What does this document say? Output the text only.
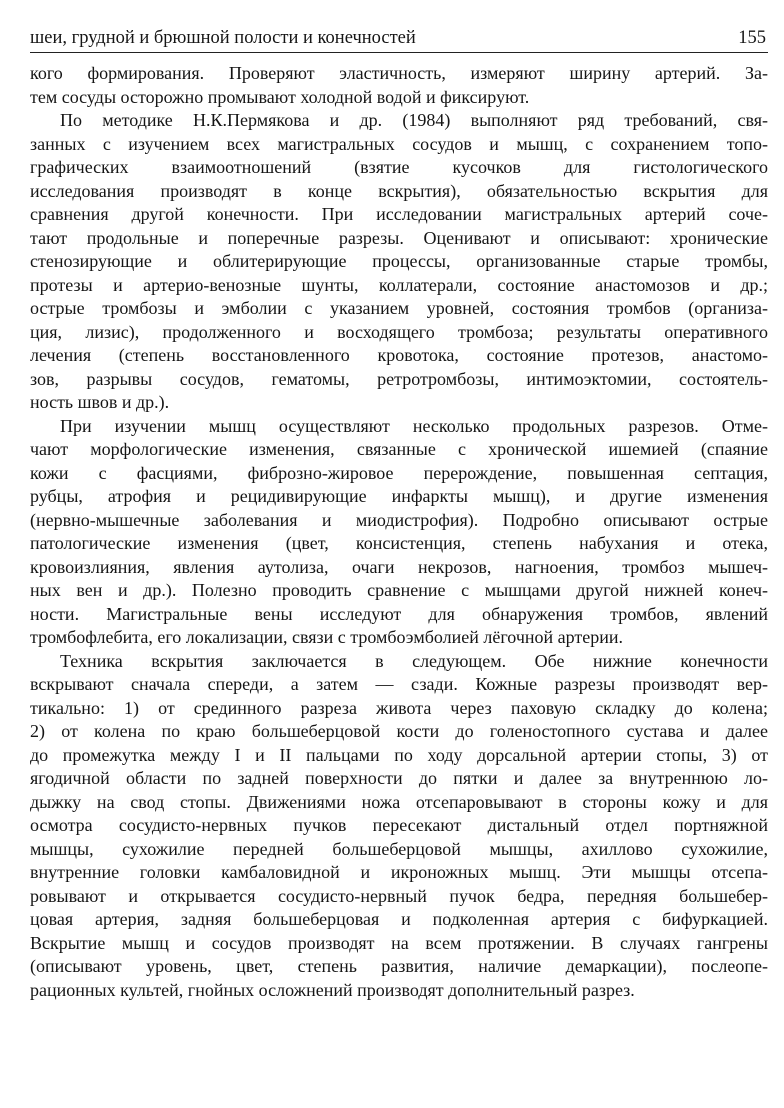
шеи, грудной и брюшной полости и конечностей	155
кого формирования. Проверяют эластичность, измеряют ширину артерий. За-
тем сосуды осторожно промывают холодной водой и фиксируют.
По методике Н.К.Пермякова и др. (1984) выполняют ряд требований, свя-
занных с изучением всех магистральных сосудов и мышц, с сохранением топо-
графических взаимоотношений (взятие кусочков для гистологического
исследования производят в конце вскрытия), обязательностью вскрытия для
сравнения другой конечности. При исследовании магистральных артерий соче-
тают продольные и поперечные разрезы. Оценивают и описывают: хронические
стенозирующие и облитерирующие процессы, организованные старые тромбы,
протезы и артерио-венозные шунты, коллатерали, состояние анастомозов и др.;
острые тромбозы и эмболии с указанием уровней, состояния тромбов (организа-
ция, лизис), продолженного и восходящего тромбоза; результаты оперативного
лечения (степень восстановленного кровотока, состояние протезов, анастомо-
зов, разрывы сосудов, гематомы, ретротромбозы, интимоэктомии, состоятель-
ность швов и др.).
При изучении мышц осуществляют несколько продольных разрезов. Отме-
чают морфологические изменения, связанные с хронической ишемией (спаяние
кожи с фасциями, фиброзно-жировое перерождение, повышенная септация,
рубцы, атрофия и рецидивирующие инфаркты мышц), и другие изменения
(нервно-мышечные заболевания и миодистрофия). Подробно описывают острые
патологические изменения (цвет, консистенция, степень набухания и отека,
кровоизлияния, явления аутолиза, очаги некрозов, нагноения, тромбоз мышеч-
ных вен и др.). Полезно проводить сравнение с мышцами другой нижней конеч-
ности. Магистральные вены исследуют для обнаружения тромбов, явлений
тромбофлебита, его локализации, связи с тромбоэмболией лёгочной артерии.
Техника вскрытия заключается в следующем. Обе нижние конечности
вскрывают сначала спереди, а затем — сзади. Кожные разрезы производят вер-
тикально: 1) от срединного разреза живота через паховую складку до колена;
2) от колена по краю большеберцовой кости до голеностопного сустава и далее
до промежутка между I и II пальцами по ходу дорсальной артерии стопы, 3) от
ягодичной области по задней поверхности до пятки и далее за внутреннюю ло-
дыжку на свод стопы. Движениями ножа отсепаровывают в стороны кожу и для
осмотра сосудисто-нервных пучков пересекают дистальный отдел портняжной
мышцы, сухожилие передней большеберцовой мышцы, ахиллово сухожилие,
внутренние головки камбаловидной и икроножных мышц. Эти мышцы отсепа-
ровывают и открывается сосудисто-нервный пучок бедра, передняя большебер-
цовая артерия, задняя большеберцовая и подколенная артерия с бифуркацией.
Вскрытие мышц и сосудов производят на всем протяжении. В случаях гангрены
(описывают уровень, цвет, степень развития, наличие демаркации), послеопе-
рационных культей, гнойных осложнений производят дополнительный разрез.
